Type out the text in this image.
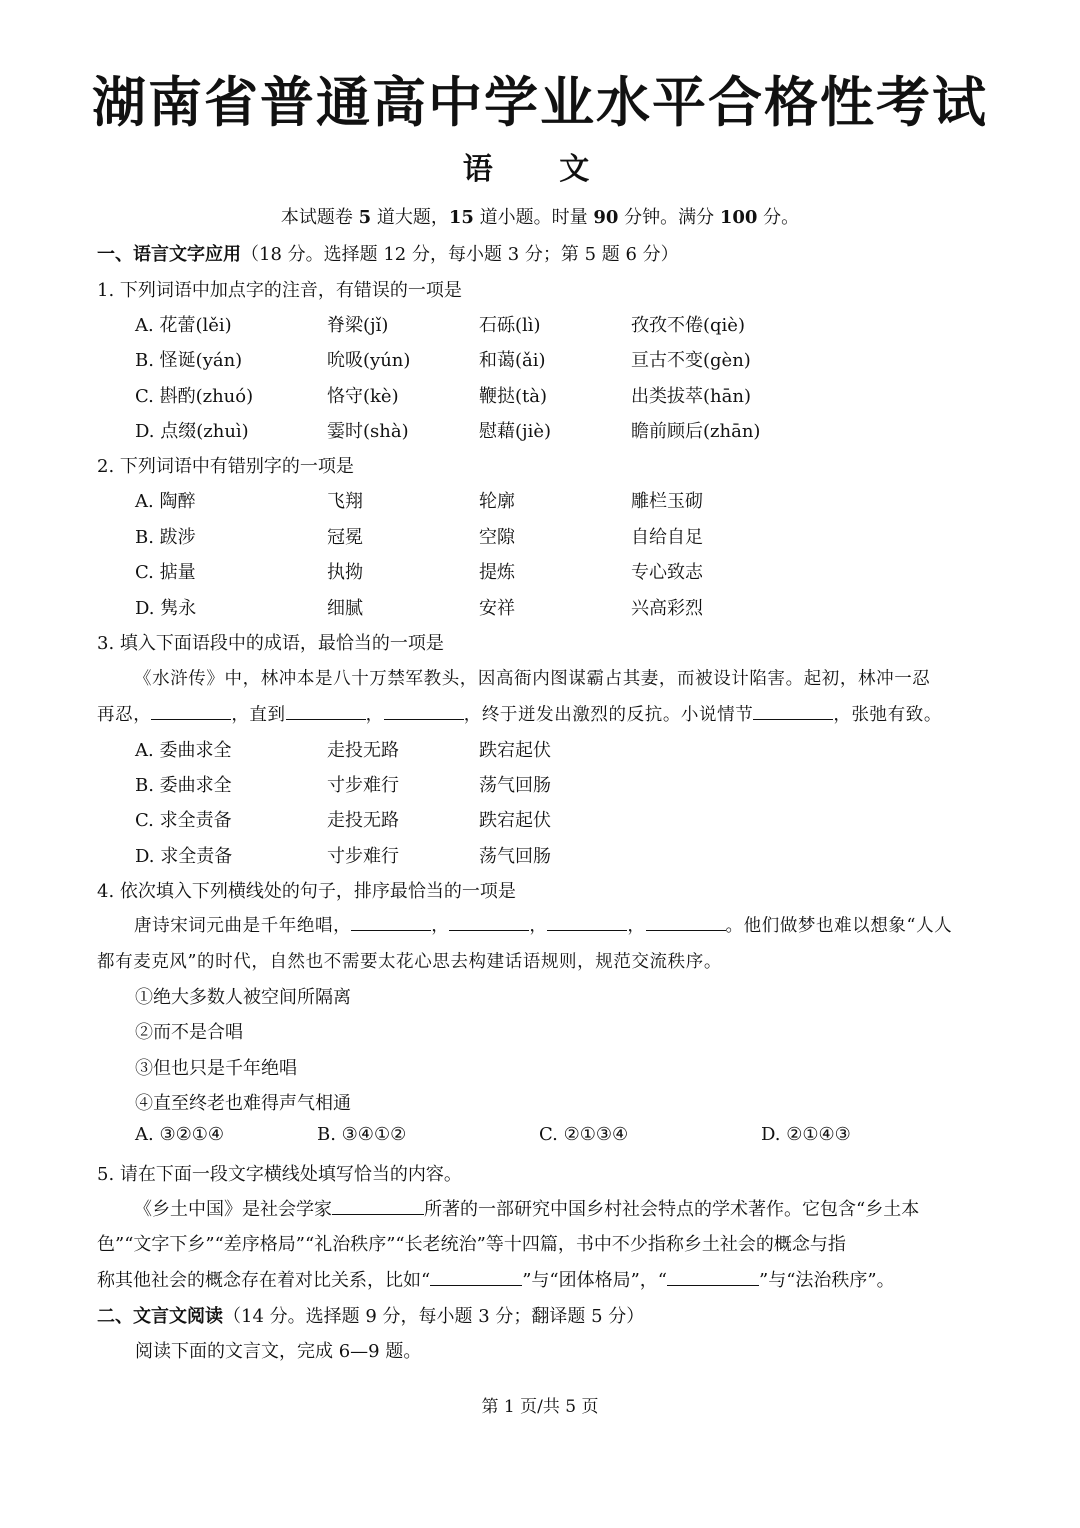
湖南省普通高中学业水平合格性考试
语 文
本试题卷 5 道大题，15 道小题。时量 90 分钟。满分 100 分。
一、语言文字应用（18 分。选择题 12 分，每小题 3 分；第 5 题 6 分）
1. 下列词语中加点字的注音，有错误的一项是
A. 花蕾(lěi)	脊梁(jǐ)	石砾(lì)	孜孜不倦(qiè)
B. 怪诞(yán)	吮吸(yún)	和蔼(ǎi)	亘古不变(gèn)
C. 斟酌(zhuó)	恪守(kè)	鞭挞(tà)	出类拔萃(hān)
D. 点缀(zhuì)	霎时(shà)	慰藉(jiè)	瞻前顾后(zhān)
2. 下列词语中有错别字的一项是
A. 陶醉	飞翔	轮廓	雕栏玉砌
B. 跋涉	冠冕	空隙	自给自足
C. 掂量	执拗	提炼	专心致志
D. 隽永	细腻	安祥	兴高彩烈
3. 填入下面语段中的成语，最恰当的一项是
《水浒传》中，林冲本是八十万禁军教头，因高衙内图谋霸占其妻，而被设计陷害。起初，林冲一忍
再忍，	，直到	，	，终于迸发出激烈的反抗。小说情节	，张弛有致。
A. 委曲求全	走投无路	跌宕起伏
B. 委曲求全	寸步难行	荡气回肠
C. 求全责备	走投无路	跌宕起伏
D. 求全责备	寸步难行	荡气回肠
4. 依次填入下列横线处的句子，排序最恰当的一项是
唐诗宋词元曲是千年绝唱，	，	，	，	。他们做梦也难以想象“人人
都有麦克风”的时代，自然也不需要太花心思去构建话语规则，规范交流秩序。
①绝大多数人被空间所隔离
②而不是合唱
③但也只是千年绝唱
④直至终老也难得声气相通
A. ③②①④	B. ③④①②	C. ②①③④	D. ②①④③
5. 请在下面一段文字横线处填写恰当的内容。
《乡土中国》是社会学家	所著的一部研究中国乡村社会特点的学术著作。它包含“乡土本
色”“文字下乡”“差序格局”“礼治秩序”“长老统治”等十四篇，书中不少指称乡土社会的概念与指
称其他社会的概念存在着对比关系，比如“	”与“团体格局”，“	”与“法治秩序”。
二、文言文阅读（14 分。选择题 9 分，每小题 3 分；翻译题 5 分）
阅读下面的文言文，完成 6—9 题。
第 1 页/共 5 页
